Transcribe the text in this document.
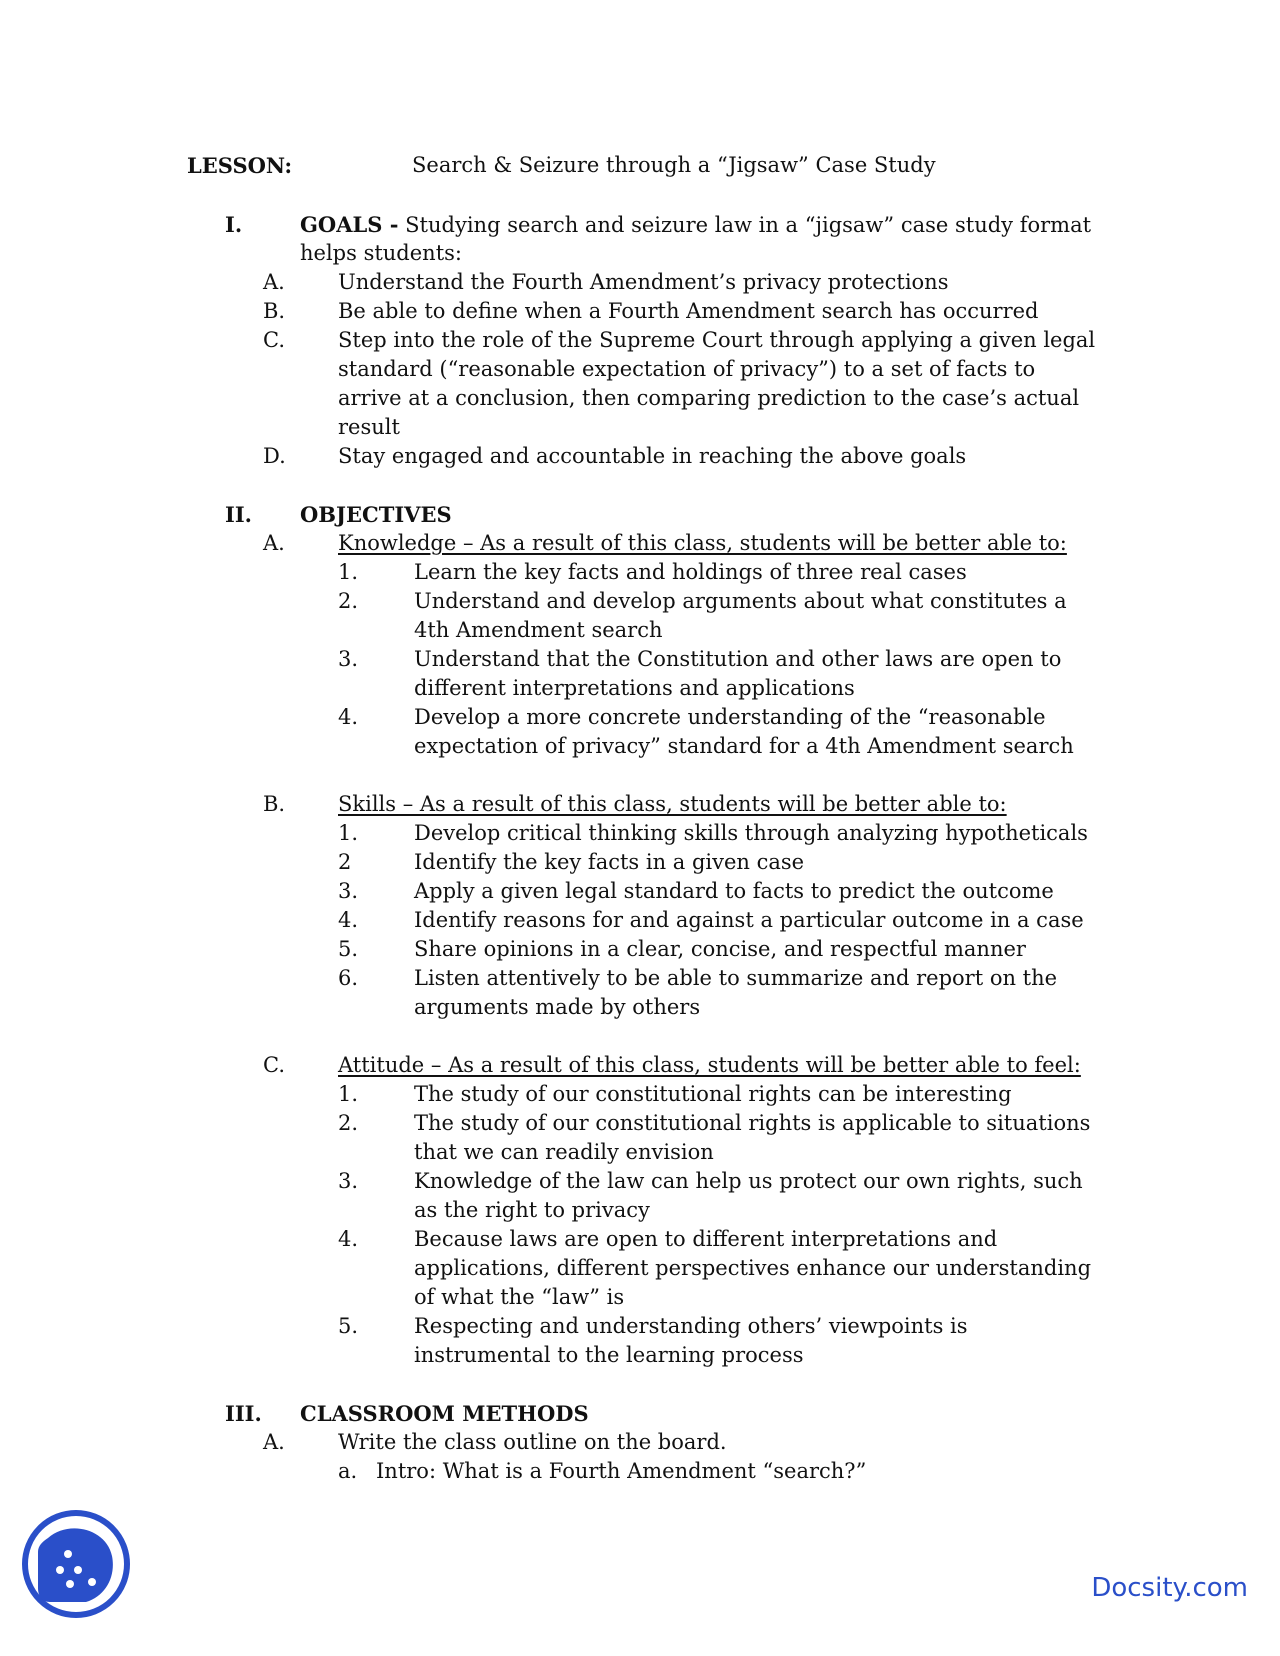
LESSON:	Search & Seizure through a “Jigsaw” Case Study
I.	GOALS - Studying search and seizure law in a “jigsaw” case study format
helps students:
A.	Understand the Fourth Amendment’s privacy protections
B.	Be able to define when a Fourth Amendment search has occurred
C.	Step into the role of the Supreme Court through applying a given legal
standard (“reasonable expectation of privacy”) to a set of facts to
arrive at a conclusion, then comparing prediction to the case’s actual
result
D. Stay engaged and accountable in reaching the above goals
II. OBJECTIVES
A.	Knowledge – As a result of this class, students will be better able to:
1.	Learn the key facts and holdings of three real cases
2.	Understand and develop arguments about what constitutes a
4th Amendment search
3.	Understand that the Constitution and other laws are open to
different interpretations and applications
4.	Develop a more concrete understanding of the “reasonable
expectation of privacy” standard for a 4th Amendment search
B.	Skills – As a result of this class, students will be better able to:
1.	Develop critical thinking skills through analyzing hypotheticals
2	Identify the key facts in a given case
3.	Apply a given legal standard to facts to predict the outcome
4.	Identify reasons for and against a particular outcome in a case
5.	Share opinions in a clear, concise, and respectful manner
6.	Listen attentively to be able to summarize and report on the
arguments made by others
C.	Attitude – As a result of this class, students will be better able to feel:
1.	The study of our constitutional rights can be interesting
2.	The study of our constitutional rights is applicable to situations
that we can readily envision
3.	Knowledge of the law can help us protect our own rights, such
as the right to privacy
4.	Because laws are open to different interpretations and
applications, different perspectives enhance our understanding
of what the “law” is
5.	Respecting and understanding others’ viewpoints is
instrumental to the learning process
III. CLASSROOM METHODS
A.	Write the class outline on the board.
a. Intro: What is a Fourth Amendment “search?”
Docsity.com
